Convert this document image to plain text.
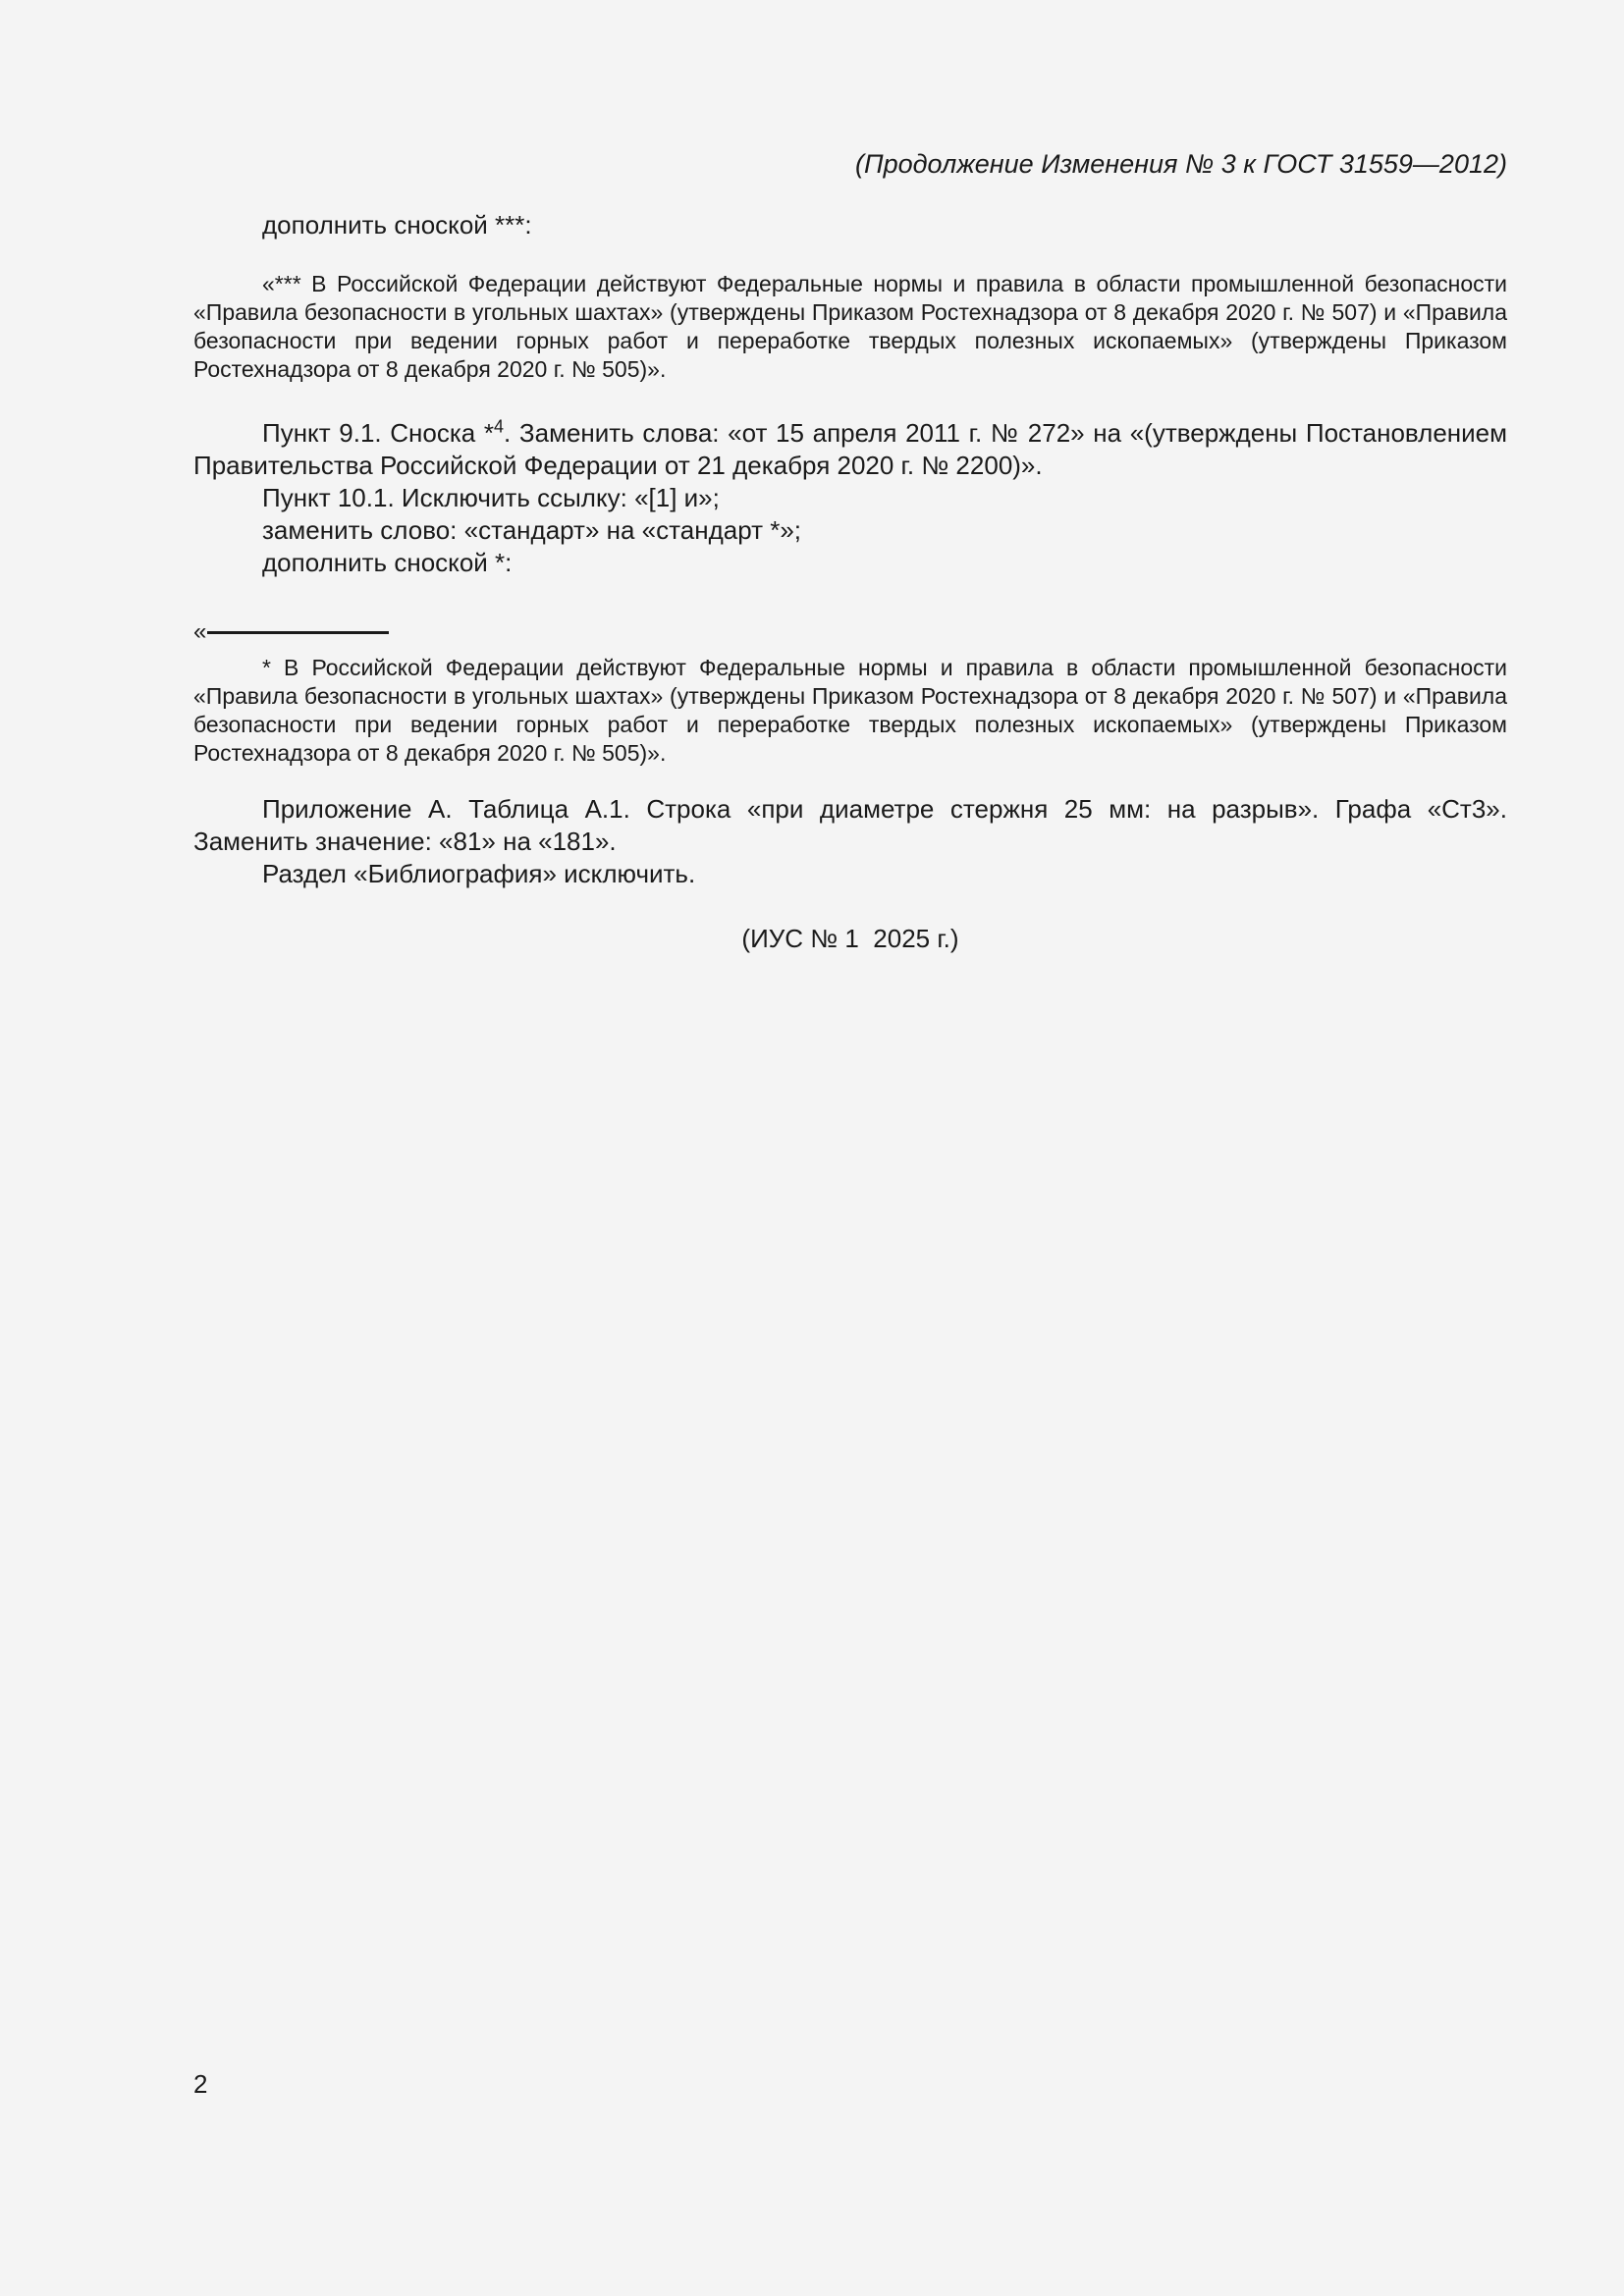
(Продолжение Изменения № 3 к ГОСТ 31559—2012)

дополнить сноской ***:

«*** В Российской Федерации действуют Федеральные нормы и правила в области промышленной безопасности «Правила безопасности в угольных шахтах» (утверждены Приказом Ростехнадзора от 8 декабря 2020 г. № 507) и «Правила безопасности при ведении горных работ и переработке твердых полезных ископаемых» (утверждены Приказом Ростехнадзора от 8 декабря 2020 г. № 505)».

Пункт 9.1. Сноска *$^4$. Заменить слова: «от 15 апреля 2011 г. № 272» на «(утверждены Постановлением Правительства Российской Федерации от 21 декабря 2020 г. № 2200)».

Пункт 10.1. Исключить ссылку: «[1] и»;

заменить слово: «стандарт» на «стандарт *»;

дополнить сноской *:

«

* В Российской Федерации действуют Федеральные нормы и правила в области промышленной безопасности «Правила безопасности в угольных шахтах» (утверждены Приказом Ростехнадзора от 8 декабря 2020 г. № 507) и «Правила безопасности при ведении горных работ и переработке твердых полезных ископаемых» (утверждены Приказом Ростехнадзора от 8 декабря 2020 г. № 505)».

Приложение А. Таблица А.1. Строка «при диаметре стержня 25 мм: на разрыв». Графа «Ст3». Заменить значение: «81» на «181».

Раздел «Библиография» исключить.

(ИУС № 1  2025 г.)
2
